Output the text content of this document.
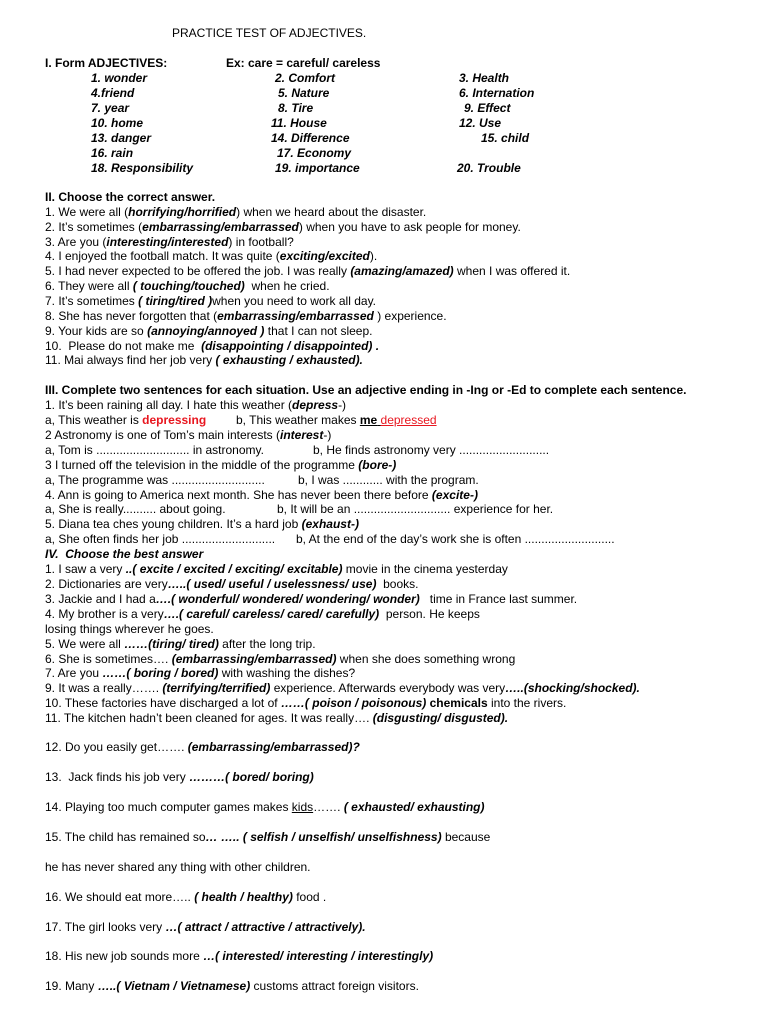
PRACTICE TEST OF ADJECTIVES.
I. Form ADJECTIVES:	Ex: care = careful/ careless
1. wonder	2. Comfort	3. Health
4.friend	5. Nature	6. Internation
7. year	8. Tire	9. Effect
10. home	11. House	12. Use
13. danger	14. Difference	15. child
16. rain	17. Economy
18. Responsibility	19. importance	20. Trouble
II. Choose the correct answer.
1. We were all (horrifying/horrified) when we heard about the disaster.
2. It’s sometimes (embarrassing/embarrassed) when you have to ask people for money.
3. Are you (interesting/interested) in football?
4. I enjoyed the football match. It was quite (exciting/excited).
5. I had never expected to be offered the job. I was really (amazing/amazed) when I was offered it.
6. They were all ( touching/touched)  when he cried.
7. It’s sometimes ( tiring/tired )when you need to work all day.
8. She has never forgotten that (embarrassing/embarrassed ) experience.
9. Your kids are so (annoying/annoyed ) that I can not sleep.
10.  Please do not make me  (disappointing / disappointed) .
11. Mai always find her job very ( exhausting / exhausted).
III. Complete two sentences for each situation. Use an adjective ending in -Ing or -Ed to complete each sentence.
1. It’s been raining all day. I hate this weather (depress-)
a, This weather is depressing b, This weather makes me depressed
2 Astronomy is one of Tom’s main interests (interest-)
a, Tom is ............................ in astronomy.	b, He finds astronomy very ...........................
3 I turned off the television in the middle of the programme (bore-)
a, The programme was ............................	b, I was ............ with the program.
4. Ann is going to America next month. She has never been there before (excite-)
a, She is really.......... about going.	b, It will be an ............................. experience for her.
5. Diana tea ches young children. It’s a hard job (exhaust-)
a, She often finds her job ............................ b, At the end of the day’s work she is often ...........................
IV.  Choose the best answer
1. I saw a very ..( excite / excited / exciting/ excitable) movie in the cinema yesterday
2. Dictionaries are very…..( used/ useful / uselessness/ use)  books.
3. Jackie and I had a….( wonderful/ wondered/ wondering/ wonder)   time in France last summer.
4. My brother is a very….( careful/ careless/ cared/ carefully)  person. He keeps
losing things wherever he goes.
5. We were all ……(tiring/ tired) after the long trip.
6. She is sometimes…. (embarrassing/embarrassed) when she does something wrong
7. Are you ……( boring / bored) with washing the dishes?
9. It was a really……. (terrifying/terrified) experience. Afterwards everybody was very…..(shocking/shocked).
10. These factories have discharged a lot of ……( poison / poisonous) chemicals into the rivers.
11. The kitchen hadn’t been cleaned for ages. It was really…. (disgusting/ disgusted).
12. Do you easily get……. (embarrassing/embarrassed)?
13.  Jack finds his job very ………( bored/ boring)
14. Playing too much computer games makes kids……. ( exhausted/ exhausting)
15. The child has remained so… ….. ( selfish / unselfish/ unselfishness) because
he has never shared any thing with other children.
16. We should eat more….. ( health / healthy) food .
17. The girl looks very …( attract / attractive / attractively).
18. His new job sounds more …( interested/ interesting / interestingly)
19. Many …..( Vietnam / Vietnamese) customs attract foreign visitors.
